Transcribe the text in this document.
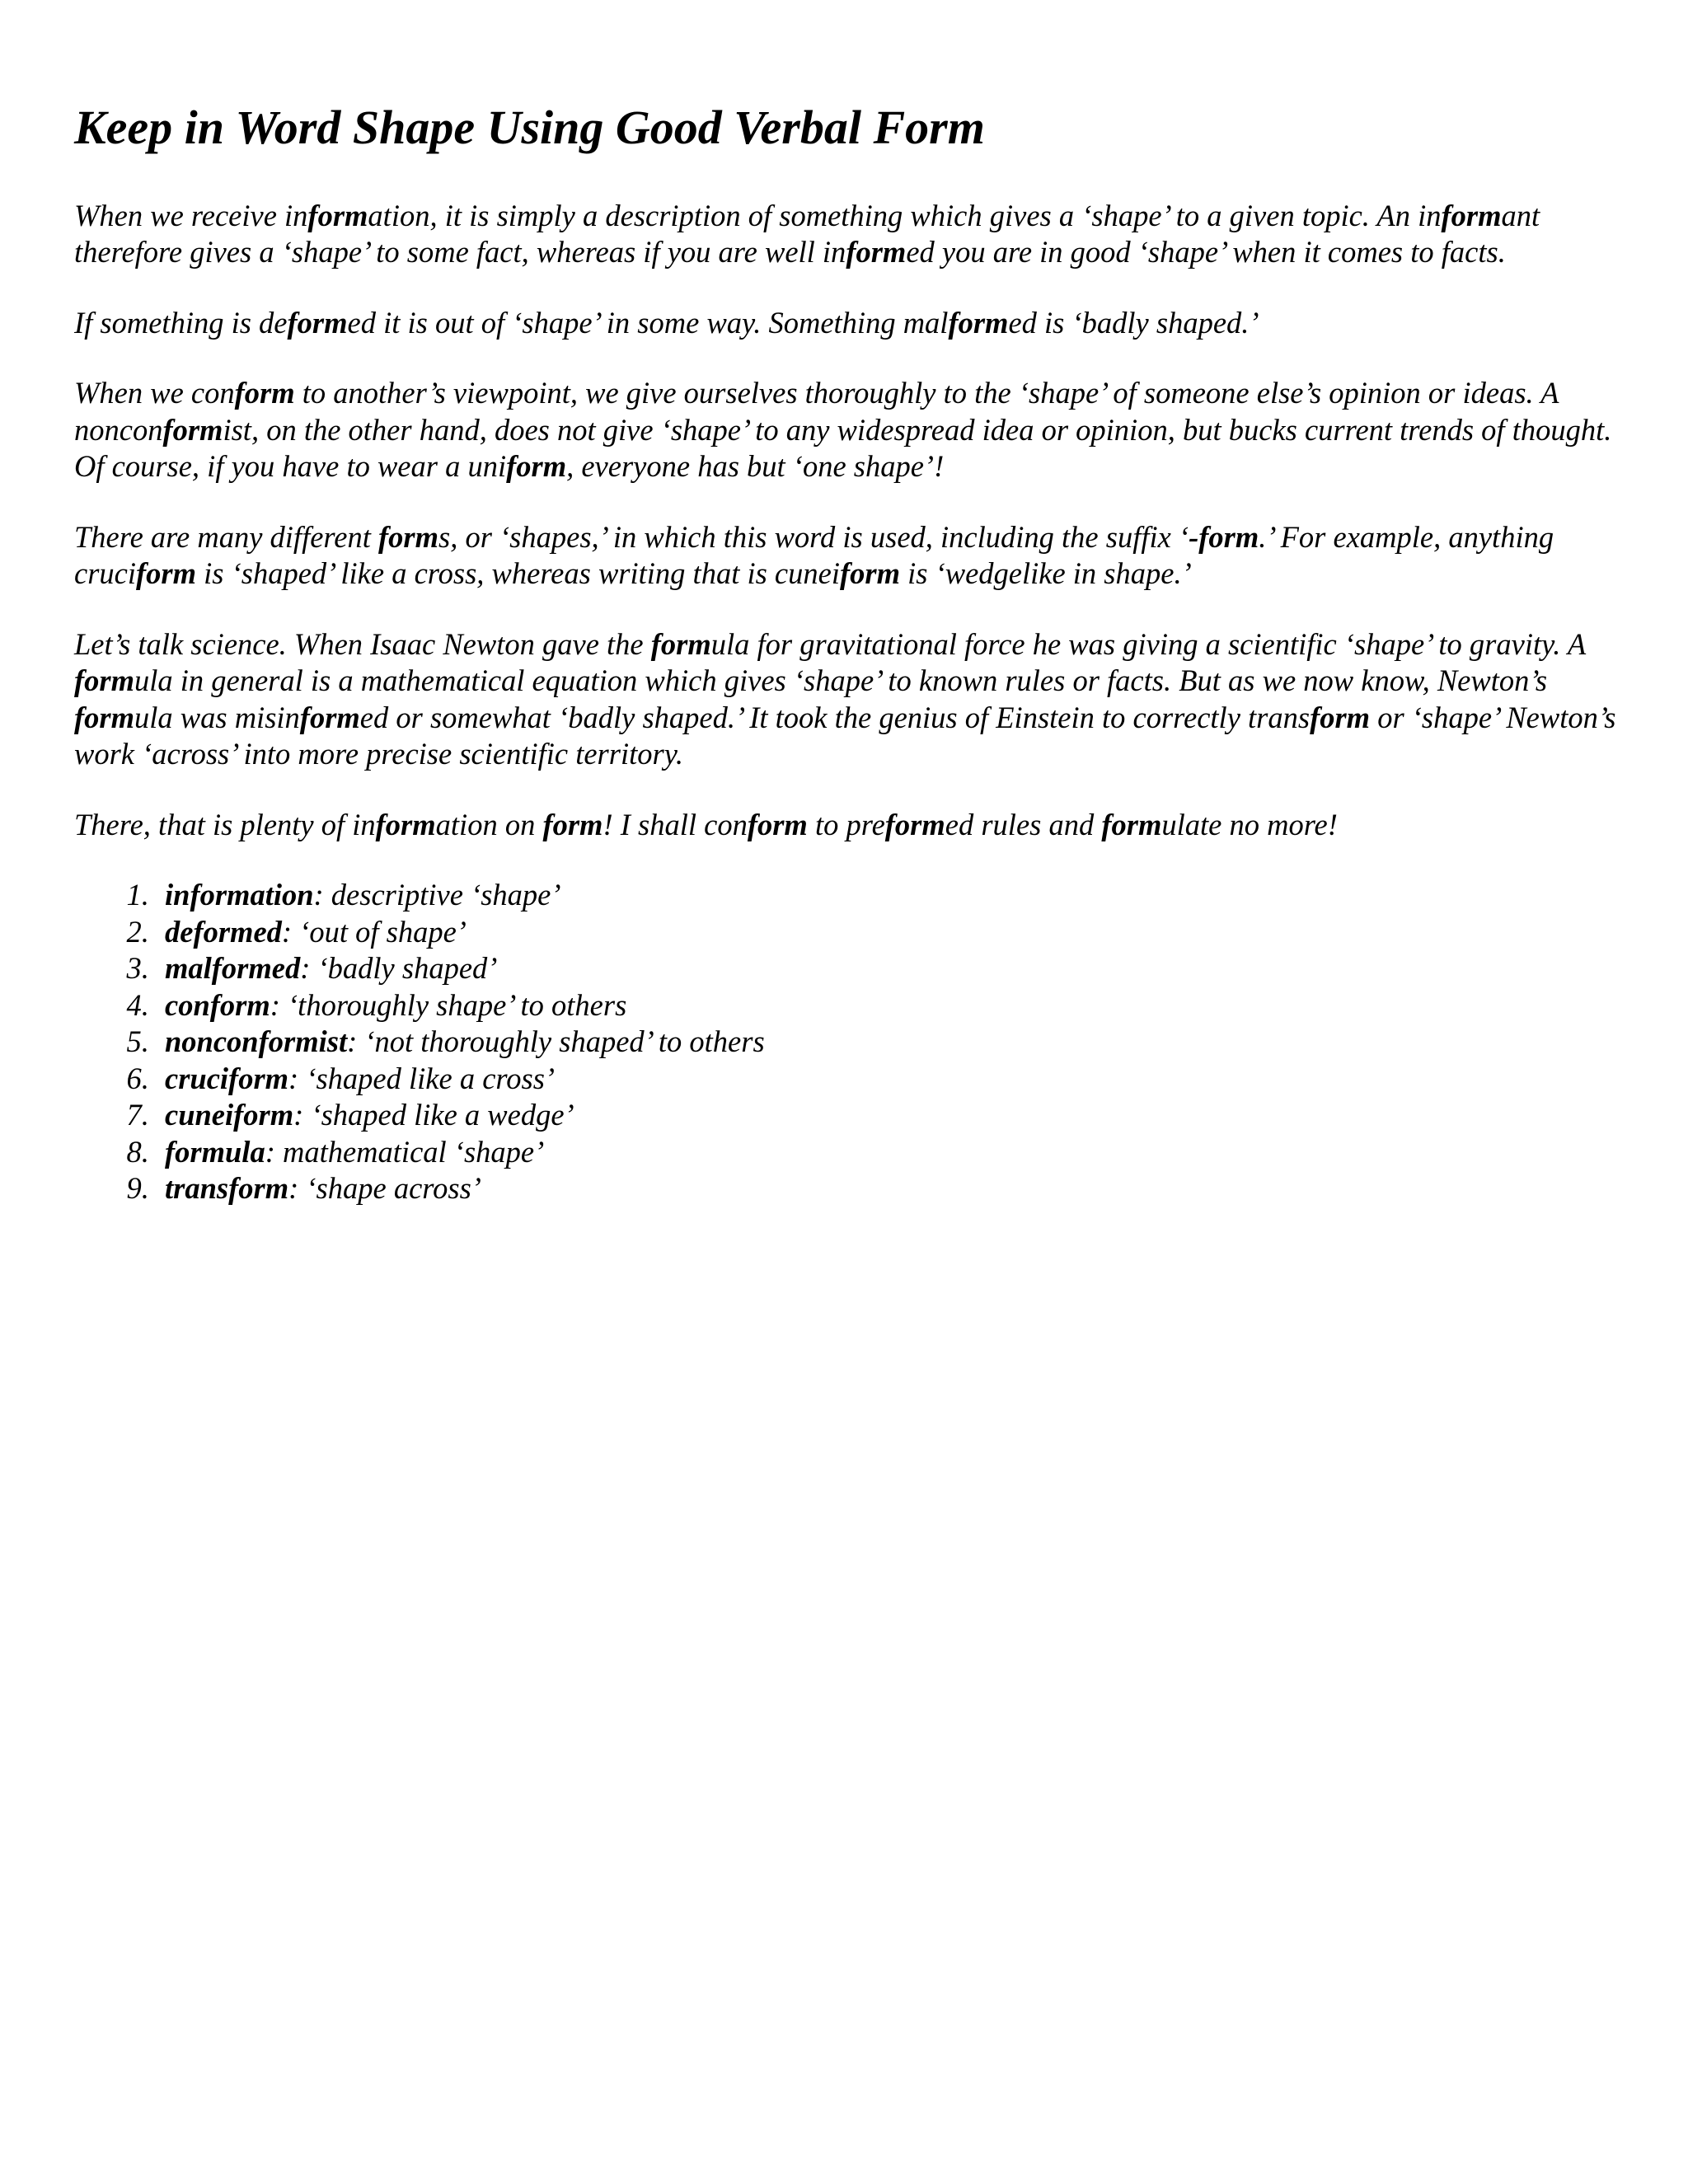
Keep in Word Shape Using Good Verbal Form

When we receive information, it is simply a description of something which gives a ‘shape’ to a given topic. An informant therefore gives a ‘shape’ to some fact, whereas if you are well informed you are in good ‘shape’ when it comes to facts.

If something is deformed it is out of ‘shape’ in some way. Something malformed is ‘badly shaped.’

When we conform to another’s viewpoint, we give ourselves thoroughly to the ‘shape’ of someone else’s opinion or ideas. A nonconformist, on the other hand, does not give ‘shape’ to any widespread idea or opinion, but bucks current trends of thought. Of course, if you have to wear a uniform, everyone has but ‘one shape’!

There are many different forms, or ‘shapes,’ in which this word is used, including the suffix ‘-form.’ For example, anything cruciform is ‘shaped’ like a cross, whereas writing that is cuneiform is ‘wedgelike in shape.’

Let’s talk science. When Isaac Newton gave the formula for gravitational force he was giving a scientific ‘shape’ to gravity. A formula in general is a mathematical equation which gives ‘shape’ to known rules or facts. But as we now know, Newton’s formula was misinformed or somewhat ‘badly shaped.’ It took the genius of Einstein to correctly transform or ‘shape’ Newton’s work ‘across’ into more precise scientific territory.

There, that is plenty of information on form! I shall conform to preformed rules and formulate no more!

1. information: descriptive ‘shape’
2. deformed: ‘out of shape’
3. malformed: ‘badly shaped’
4. conform: ‘thoroughly shape’ to others
5. nonconformist: ‘not thoroughly shaped’ to others
6. cruciform: ‘shaped like a cross’
7. cuneiform: ‘shaped like a wedge’
8. formula: mathematical ‘shape’
9. transform: ‘shape across’
